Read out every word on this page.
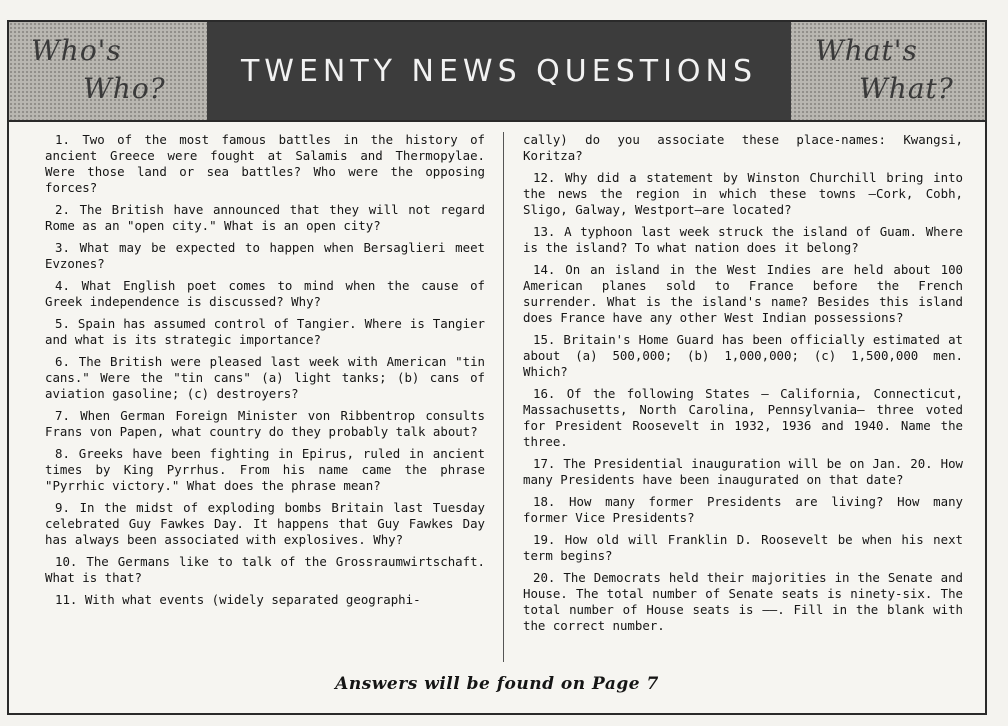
Who's
Who?	TWENTY NEWS QUESTIONS
What's
What?

1. Two of the most famous battles in the history of ancient Greece were fought at Salamis and Thermopylae. Were those land or sea battles? Who were the opposing forces?

2. The British have announced that they will not regard Rome as an "open city." What is an open city?

3. What may be expected to happen when Bersaglieri meet Evzones?

4. What English poet comes to mind when the cause of Greek independence is discussed? Why?

5. Spain has assumed control of Tangier. Where is Tangier and what is its strategic importance?

6. The British were pleased last week with American "tin cans." Were the "tin cans" (a) light tanks; (b) cans of aviation gasoline; (c) destroyers?

7. When German Foreign Minister von Ribbentrop consults Frans von Papen, what country do they probably talk about?

8. Greeks have been fighting in Epirus, ruled in ancient times by King Pyrrhus. From his name came the phrase "Pyrrhic victory." What does the phrase mean?

9. In the midst of exploding bombs Britain last Tuesday celebrated Guy Fawkes Day. It happens that Guy Fawkes Day has always been associated with explosives. Why?

10. The Germans like to talk of the Grossraumwirtschaft. What is that?

11. With what events (widely separated geographi-

cally) do you associate these place-names: Kwangsi, Koritza?

12. Why did a statement by Winston Churchill bring into the news the region in which these towns —Cork, Cobh, Sligo, Galway, Westport—are located?

13. A typhoon last week struck the island of Guam. Where is the island? To what nation does it belong?

14. On an island in the West Indies are held about 100 American planes sold to France before the French surrender. What is the island's name? Besides this island does France have any other West Indian possessions?

15. Britain's Home Guard has been officially estimated at about (a) 500,000; (b) 1,000,000; (c) 1,500,000 men. Which?

16. Of the following States — California, Connecticut, Massachusetts, North Carolina, Pennsylvania— three voted for President Roosevelt in 1932, 1936 and 1940. Name the three.

17. The Presidential inauguration will be on Jan. 20. How many Presidents have been inaugurated on that date?

18. How many former Presidents are living? How many former Vice Presidents?

19. How old will Franklin D. Roosevelt be when his next term begins?

20. The Democrats held their majorities in the Senate and House. The total number of Senate seats is ninety-six. The total number of House seats is ——. Fill in the blank with the correct number.

Answers will be found on Page 7
